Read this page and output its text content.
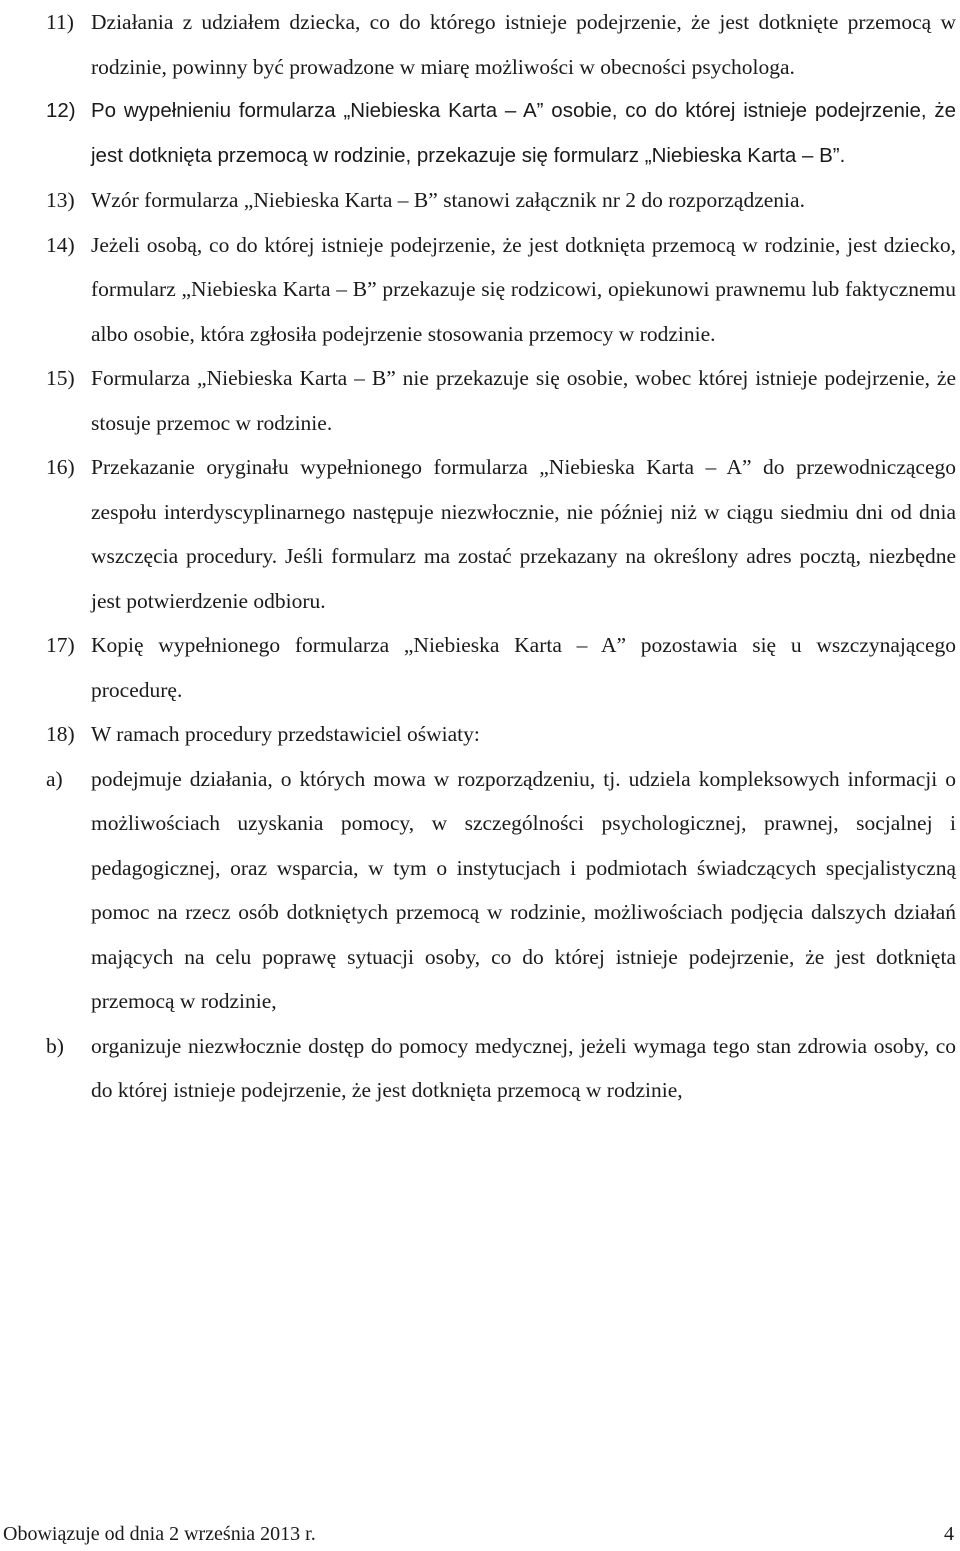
11) Działania z udziałem dziecka, co do którego istnieje podejrzenie, że jest dotknięte przemocą w rodzinie, powinny być prowadzone w miarę możliwości w obecności psychologa.
12) Po wypełnieniu formularza „Niebieska Karta – A” osobie, co do której istnieje podejrzenie, że jest dotknięta przemocą w rodzinie, przekazuje się formularz „Niebieska Karta – B”.
13) Wzór formularza „Niebieska Karta – B” stanowi załącznik nr 2 do rozporządzenia.
14) Jeżeli osobą, co do której istnieje podejrzenie, że jest dotknięta przemocą w rodzinie, jest dziecko, formularz „Niebieska Karta – B” przekazuje się rodzicowi, opiekunowi prawnemu lub faktycznemu albo osobie, która zgłosiła podejrzenie stosowania przemocy w rodzinie.
15) Formularza „Niebieska Karta – B” nie przekazuje się osobie, wobec której istnieje podejrzenie, że stosuje przemoc w rodzinie.
16) Przekazanie oryginału wypełnionego formularza „Niebieska Karta – A” do przewodniczącego zespołu interdyscyplinarnego następuje niezwłocznie, nie później niż w ciągu siedmiu dni od dnia wszczęcia procedury. Jeśli formularz ma zostać przekazany na określony adres pocztą, niezbędne jest potwierdzenie odbioru.
17) Kopię wypełnionego formularza „Niebieska Karta – A” pozostawia się u wszczynającego procedurę.
18) W ramach procedury przedstawiciel oświaty:
a)	podejmuje działania, o których mowa w rozporządzeniu, tj. udziela kompleksowych informacji o możliwościach uzyskania pomocy, w szczególności psychologicznej, prawnej, socjalnej i pedagogicznej, oraz wsparcia, w tym o instytucjach i podmiotach świadczących specjalistyczną pomoc na rzecz osób dotkniętych przemocą w rodzinie, możliwościach podjęcia dalszych działań mających na celu poprawę sytuacji osoby, co do której istnieje podejrzenie, że jest dotknięta przemocą w rodzinie,
b)	organizuje niezwłocznie dostęp do pomocy medycznej, jeżeli wymaga tego stan zdrowia osoby, co do której istnieje podejrzenie, że jest dotknięta przemocą w rodzinie,
Obowiązuje od dnia 2 września 2013 r.	4
